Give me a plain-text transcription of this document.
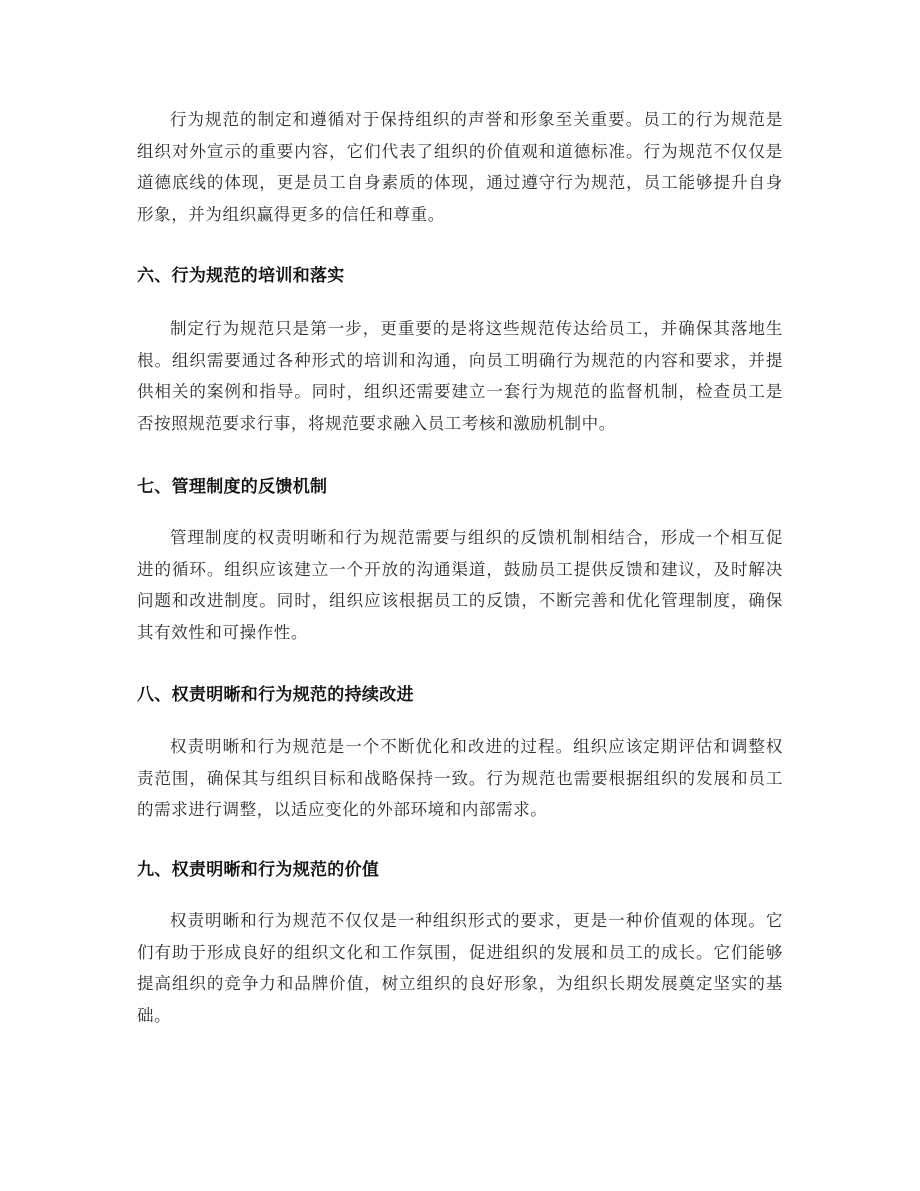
行为规范的制定和遵循对于保持组织的声誉和形象至关重要。员工的行为规范是组织对外宣示的重要内容，它们代表了组织的价值观和道德标准。行为规范不仅仅是道德底线的体现，更是员工自身素质的体现，通过遵守行为规范，员工能够提升自身形象，并为组织赢得更多的信任和尊重。

六、行为规范的培训和落实

制定行为规范只是第一步，更重要的是将这些规范传达给员工，并确保其落地生根。组织需要通过各种形式的培训和沟通，向员工明确行为规范的内容和要求，并提供相关的案例和指导。同时，组织还需要建立一套行为规范的监督机制，检查员工是否按照规范要求行事，将规范要求融入员工考核和激励机制中。

七、管理制度的反馈机制

管理制度的权责明晰和行为规范需要与组织的反馈机制相结合，形成一个相互促进的循环。组织应该建立一个开放的沟通渠道，鼓励员工提供反馈和建议，及时解决问题和改进制度。同时，组织应该根据员工的反馈，不断完善和优化管理制度，确保其有效性和可操作性。

八、权责明晰和行为规范的持续改进

权责明晰和行为规范是一个不断优化和改进的过程。组织应该定期评估和调整权责范围，确保其与组织目标和战略保持一致。行为规范也需要根据组织的发展和员工的需求进行调整，以适应变化的外部环境和内部需求。

九、权责明晰和行为规范的价值

权责明晰和行为规范不仅仅是一种组织形式的要求，更是一种价值观的体现。它们有助于形成良好的组织文化和工作氛围，促进组织的发展和员工的成长。它们能够提高组织的竞争力和品牌价值，树立组织的良好形象，为组织长期发展奠定坚实的基础。
